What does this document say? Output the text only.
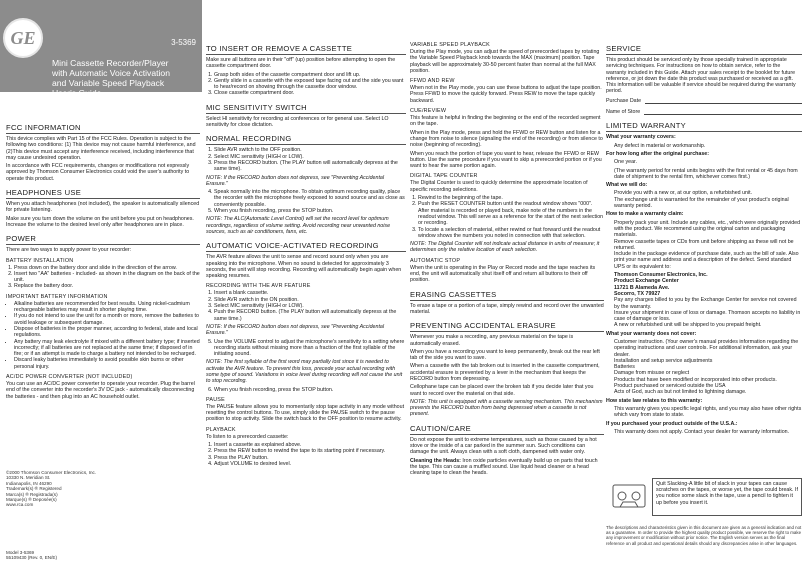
GE	3-5369
Mini Cassette Recorder/Player
with Automatic Voice Activation
and Variable Speed Playback
User's Guide
FCC INFORMATION

This device complies with Part 15 of the FCC Rules. Operation is subject to the following two conditions: (1) This device may not cause harmful interference, and (2)This device must accept any interference received, including interference that may cause undesired operation.

In accordance with FCC requirements, changes or modifications not expressly approved by Thomson Consumer Electronics could void the user's authority to operate this product.

HEADPHONES USE

When you attach headphones (not included), the speaker is automatically silenced for private listening.

Make sure you turn down the volume on the unit before you put on headphones. Increase the volume to the desired level only after headphones are in place.

POWER

There are two ways to supply power to your recorder:

BATTERY INSTALLATION
1. Press down on the battery door and slide in the direction of the arrow.
2. Insert two "AA" batteries - included- as shown in the diagram on the back of the unit.
3. Replace the battery door.
IMPORTANT BATTERY INFORMATION
• Alkaline batteries are recommended for best results. Using nickel-cadmium rechargeable batteries may result in shorter playing time.
• If you do not intend to use the unit for a month or more, remove the batteries to avoid leakage or subsequent damage.
• Dispose of batteries in the proper manner, according to federal, state and local regulations.
• Any battery may leak electrolyte if mixed with a different battery type; if inserted incorrectly; if all batteries are not replaced at the same time; if disposed of in fire; or if an attempt is made to charge a battery not intended to be recharged.
• Discard leaky batteries immediately to avoid possible skin burns or other personal injury.
AC/DC POWER CONVERTER (NOT INCLUDED)

You can use an AC/DC power converter to operate your recorder. Plug the barrel end of the converter into the recorder's 3V DC jack - automatically disconnecting the batteries - and then plug into an AC household outlet.

©2000 Thomson Consumer Electronics, Inc.
10330 N. Meridian St.
Indianapolis, IN 46290
Trademark(s) ® Registered
Marca(s) ® Registrada(s)
Marque(s) ® Deposée(s)
www.rca.com
Model 3-5369
55109430 (Rev. 0, EN/E)
TO INSERT OR REMOVE A CASSETTE

Make sure all buttons are in their "off" (up) position before attempting to open the cassette compartment door.

1. Grasp both sides of the cassette compartment door and lift up.
2. Gently slide in a cassette with the exposed tape facing out and the side you want to hear/record on showing through the cassette door window.
3. Close cassette compartment door.
MIC SENSITIVITY SWITCH

Select HI sensitivity for recording at conferences or for general use. Select LO sensitivity for close dictation.

NORMAL RECORDING
1. Slide AVR switch to the OFF position.
2. Select MIC sensitivity (HIGH or LOW).
3. Press the RECORD button. (The PLAY button will automatically depress at the same time).

NOTE: If the RECORD button does not depress, see "Preventing Accidental Erasure."

4. Speak normally into the microphone. To obtain optimum recording quality, place the recorder with the microphone freely exposed to sound source and as close as conveniently possible.
5. When you finish recording, press the STOP button.

NOTE: The ALC(Automatic Level Control) will set the record level for optimum recordings, regardless of volume setting. Avoid recording near unwanted noise sources, such as air conditioners, fans, etc.

AUTOMATIC VOICE-ACTIVATED RECORDING

The AVR feature allows the unit to sense and record sound only when you are speaking into the microphone. When no sound is detected for approximately 3 seconds, the unit will stop recording. Recording will automatically begin again when speaking resumes.

RECORDING WITH THE AVR FEATURE
1. Insert a blank cassette.
2. Slide AVR switch in the ON position.
3. Select MIC sensitivity (HIGH or LOW).
4. Push the RECORD button. (The PLAY button will automatically depress at the same time.)

NOTE: If the RECORD button does not depress, see "Preventing Accidental Erasure."

5. Use the VOLUME control to adjust the microphone's sensitivity to a setting where recording starts without missing more than a fraction of the first syllable of the initiating sound.

NOTE: The first syllable of the first word may partially lost since it is needed to activate the AVR feature. To prevent this loss, precede your actual recording with some type of sound. Variations in voice level during recording will not cause the unit to stop recording.

6. When you finish recording, press the STOP button.
PAUSE

The PAUSE feature allows you to momentarily stop tape activity in any mode without resetting the control buttons. To use, simply slide the PAUSE switch to the pause position to stop activity. Slide the switch back to the OFF position to resume activity.

PLAYBACK

To listen to a prerecorded cassette:

1. Insert a cassette as explained above.
2. Press the REW button to rewind the tape to its starting point if necessary.
3. Press the PLAY button.
4. Adjust VOLUME to desired level.
VARIABLE SPEED PLAYBACK

During the Play mode, you can adjust the speed of prerecorded tapes by rotating the Variable Speed Playback knob towards the MAX (maximum) position. Tape playback will be approximately 30-50 percent faster than normal at the full MAX position.

FFWD AND REW

When not in the Play mode, you can use these buttons to adjust the tape position. Press FFWD to move the quickly forward. Press REW to move the tape quickly backward.

CUE/REVIEW

This feature is helpful in finding the beginning or the end of the recorded segment on the tape.

When in the Play mode, press and hold the FFWD or REW button and listen for a change from noise to silence (signaling the end of the recording) or from silence to noise (beginning of recording).

When you reach the portion of tape you want to hear, release the FFWD or REW button. Use the same procedure if you want to skip a prerecorded portion or if you want to hear the same portion again.

DIGITAL TAPE COUNTER

The Digital Counter is used to quickly determine the approximate location of specific recording selections.

1. Rewind to the beginning of the tape.
2. Push the RESET COUNTER button until the readout window shows "000". After material is recorded or played back, make note of the numbers in the readout window. This will serve as a reference for the start of the next selection or recording.
3. To locate a selection of material, either rewind or fast forward until the readout window shows the numbers you noted in connection with that selection.

NOTE: The Digital Counter will not indicate actual distance in units of measure; it determines only the relative location of each selection.

AUTOMATIC STOP

When the unit is operating in the Play or Record mode and the tape reaches its end, the unit will automatically shut itself off and return all buttons to their off position.

ERASING CASSETTES

To erase a tape or a portion of a tape, simply rewind and record over the unwanted material.

PREVENTING ACCIDENTAL ERASURE

Whenever you make a recording, any previous material on the tape is automatically erased.

When you have a recording you want to keep permanently, break out the rear left tab of the side you want to save.

When a cassette with the tab broken out is inserted in the cassette compartment, accidental erasure is prevented by a lever in the mechanism that keeps the RECORD button from depressing.

Cellophane tape can be placed over the broken tab if you decide later that you want to record over the material on that side.

NOTE: This unit is equipped with a cassette sensing mechanism. This mechanism prevents the RECORD button from being depressed when a cassette is not present.

CAUTION/CARE

Do not expose the unit to extreme temperatures, such as those caused by a hot stove or the inside of a car parked in the summer sun. Such conditions can damage the unit. Always clean with a soft cloth, dampened with water only.

Cleaning the Heads: Iron oxide particles eventually build up on parts that touch the tape. This can cause a muffled sound. Use liquid head cleaner or a head cleaning tape to clean the heads.

SERVICE

This product should be serviced only by those specially trained in appropriate servicing techniques. For instructions on how to obtain service, refer to the warranty included in this Guide. Attach your sales receipt to the booklet for future reference, or jot down the date this product was purchased or received as a gift. This information will be valuable if service should be required during the warranty period.

Purchase Date
Name of Store
LIMITED WARRANTY

What your warranty covers:

• Any defect in material or workmanship.

For how long after the original purchase:

• One year.

(The warranty period for rental units begins with the first rental or 45 days from date of shipment to the rental firm, whichever comes first.)

What we will do:

• Provide you with a new or, at our option, a refurbished unit.
• The exchange unit is warranted for the remainder of your product's original warranty period.

How to make a warranty claim:

• Properly pack your unit. Include any cables, etc., which were originally provided with the product. We recommend using the original carton and packaging materials.
• Remove cassette tapes or CDs from unit before shipping as these will not be returned.
• Include in the package evidence of purchase date, such as the bill of sale. Also print your name and address and a description of the defect. Send standard UPS or its equivalent to:
Thomson Consumer Electronics, Inc.
Product Exchange Center
11721 B Alameda Ave.
Socorro, TX 79927
• Pay any charges billed to you by the Exchange Center for service not covered by the warranty.
• Insure your shipment in case of loss or damage. Thomson accepts no liability in case of damage or loss.
• A new or refurbished unit will be shipped to you prepaid freight.

What your warranty does not cover:

• Customer instruction. (Your owner's manual provides information regarding the operating instructions and user controls. For additional information, ask your dealer.
• Installation and setup service adjustments
• Batteries
• Damage from misuse or neglect
• Products that have been modified or incorporated into other products.
• Product purchased or serviced outside the USA
• Acts of God, such as but not limited to lightning damage.

How state law relates to this warranty:

• This warranty gives you specific legal rights, and you may also have other rights which vary from state to state.

If you purchased your product outside of the U.S.A.:

• This warranty does not apply. Contact your dealer for warranty information.
Quit Slacking-A little bit of slack in your tapes can cause scratches on the tapes, or worse yet, the tape could break. If you notice some slack in the tape, use a pencil to tighten it up before you insert it.
The descriptions and characteristics given in this document are given as a general indication and not as a guarantee. In order to provide the highest quality product possible, we reserve the right to make any improvement or modification without prior notice. The English version serves as the final reference on all product and operational details should any discrepancies arise in other languages.
